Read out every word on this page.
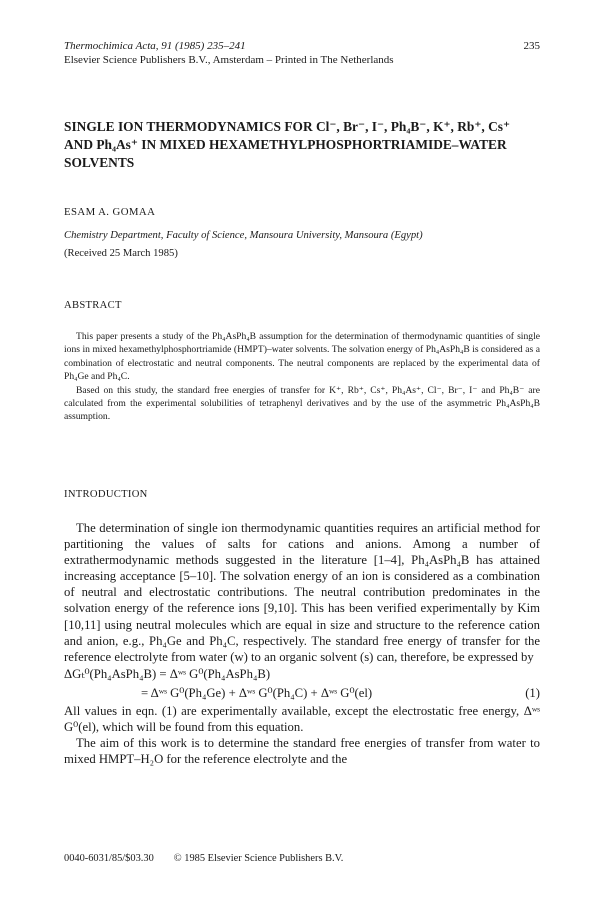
Thermochimica Acta, 91 (1985) 235–241	235
Elsevier Science Publishers B.V., Amsterdam – Printed in The Netherlands
SINGLE ION THERMODYNAMICS FOR Cl⁻, Br⁻, I⁻, Ph₄B⁻, K⁺, Rb⁺, Cs⁺ AND Ph₄As⁺ IN MIXED HEXAMETHYLPHOSPHORTRIAMIDE–WATER SOLVENTS
ESAM A. GOMAA
Chemistry Department, Faculty of Science, Mansoura University, Mansoura (Egypt)
(Received 25 March 1985)
ABSTRACT

This paper presents a study of the Ph₄AsPh₄B assumption for the determination of thermodynamic quantities of single ions in mixed hexamethylphosphortriamide (HMPT)–water solvents. The solvation energy of Ph₄AsPh₄B is considered as a combination of electrostatic and neutral components. The neutral components are replaced by the experimental data of Ph₄Ge and Ph₄C.

Based on this study, the standard free energies of transfer for K⁺, Rb⁺, Cs⁺, Ph₄As⁺, Cl⁻, Br⁻, I⁻ and Ph₄B⁻ are calculated from the experimental solubilities of tetraphenyl derivatives and by the use of the asymmetric Ph₄AsPh₄B assumption.

INTRODUCTION

The determination of single ion thermodynamic quantities requires an artificial method for partitioning the values of salts for cations and anions. Among a number of extrathermodynamic methods suggested in the literature [1–4], Ph₄AsPh₄B has attained increasing acceptance [5–10]. The solvation energy of an ion is considered as a combination of neutral and electrostatic contributions. The neutral contribution predominates in the solvation energy of the reference ions [9,10]. This has been verified experimentally by Kim [10,11] using neutral molecules which are equal in size and structure to the reference cation and anion, e.g., Ph₄Ge and Ph₄C, respectively. The standard free energy of transfer for the reference electrolyte from water (w) to an organic solvent (s) can, therefore, be expressed by

ΔGₜ⁰(Ph₄AsPh₄B) = Δʷˢ G⁰(Ph₄AsPh₄B)
= Δʷˢ G⁰(Ph₄Ge) + Δʷˢ G⁰(Ph₄C) + Δʷˢ G⁰(el)	(1)

All values in eqn. (1) are experimentally available, except the electrostatic free energy, Δʷˢ G⁰(el), which will be found from this equation.

The aim of this work is to determine the standard free energies of transfer from water to mixed HMPT–H₂O for the reference electrolyte and the

0040-6031/85/$03.30 © 1985 Elsevier Science Publishers B.V.
